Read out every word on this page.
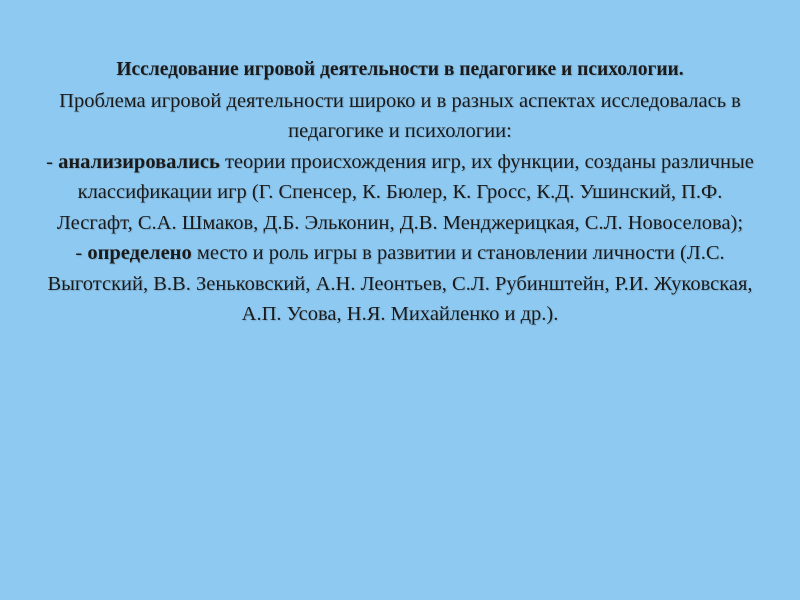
Исследование игровой деятельности в педагогике и психологии.
Проблема игровой деятельности широко и в разных аспектах исследовалась в педагогике и психологии:
- анализировались теории происхождения игр, их функции, созданы различные классификации игр (Г. Спенсер, К. Бюлер, К. Гросс, К.Д. Ушинский, П.Ф. Лесгафт, С.А. Шмаков, Д.Б. Эльконин, Д.В. Менджерицкая, С.Л. Новоселова);
- определено место и роль игры в развитии и становлении личности (Л.С. Выготский, В.В. Зеньковский, А.Н. Леонтьев, С.Л. Рубинштейн, Р.И. Жуковская, А.П. Усова, Н.Я. Михайленко и др.).
